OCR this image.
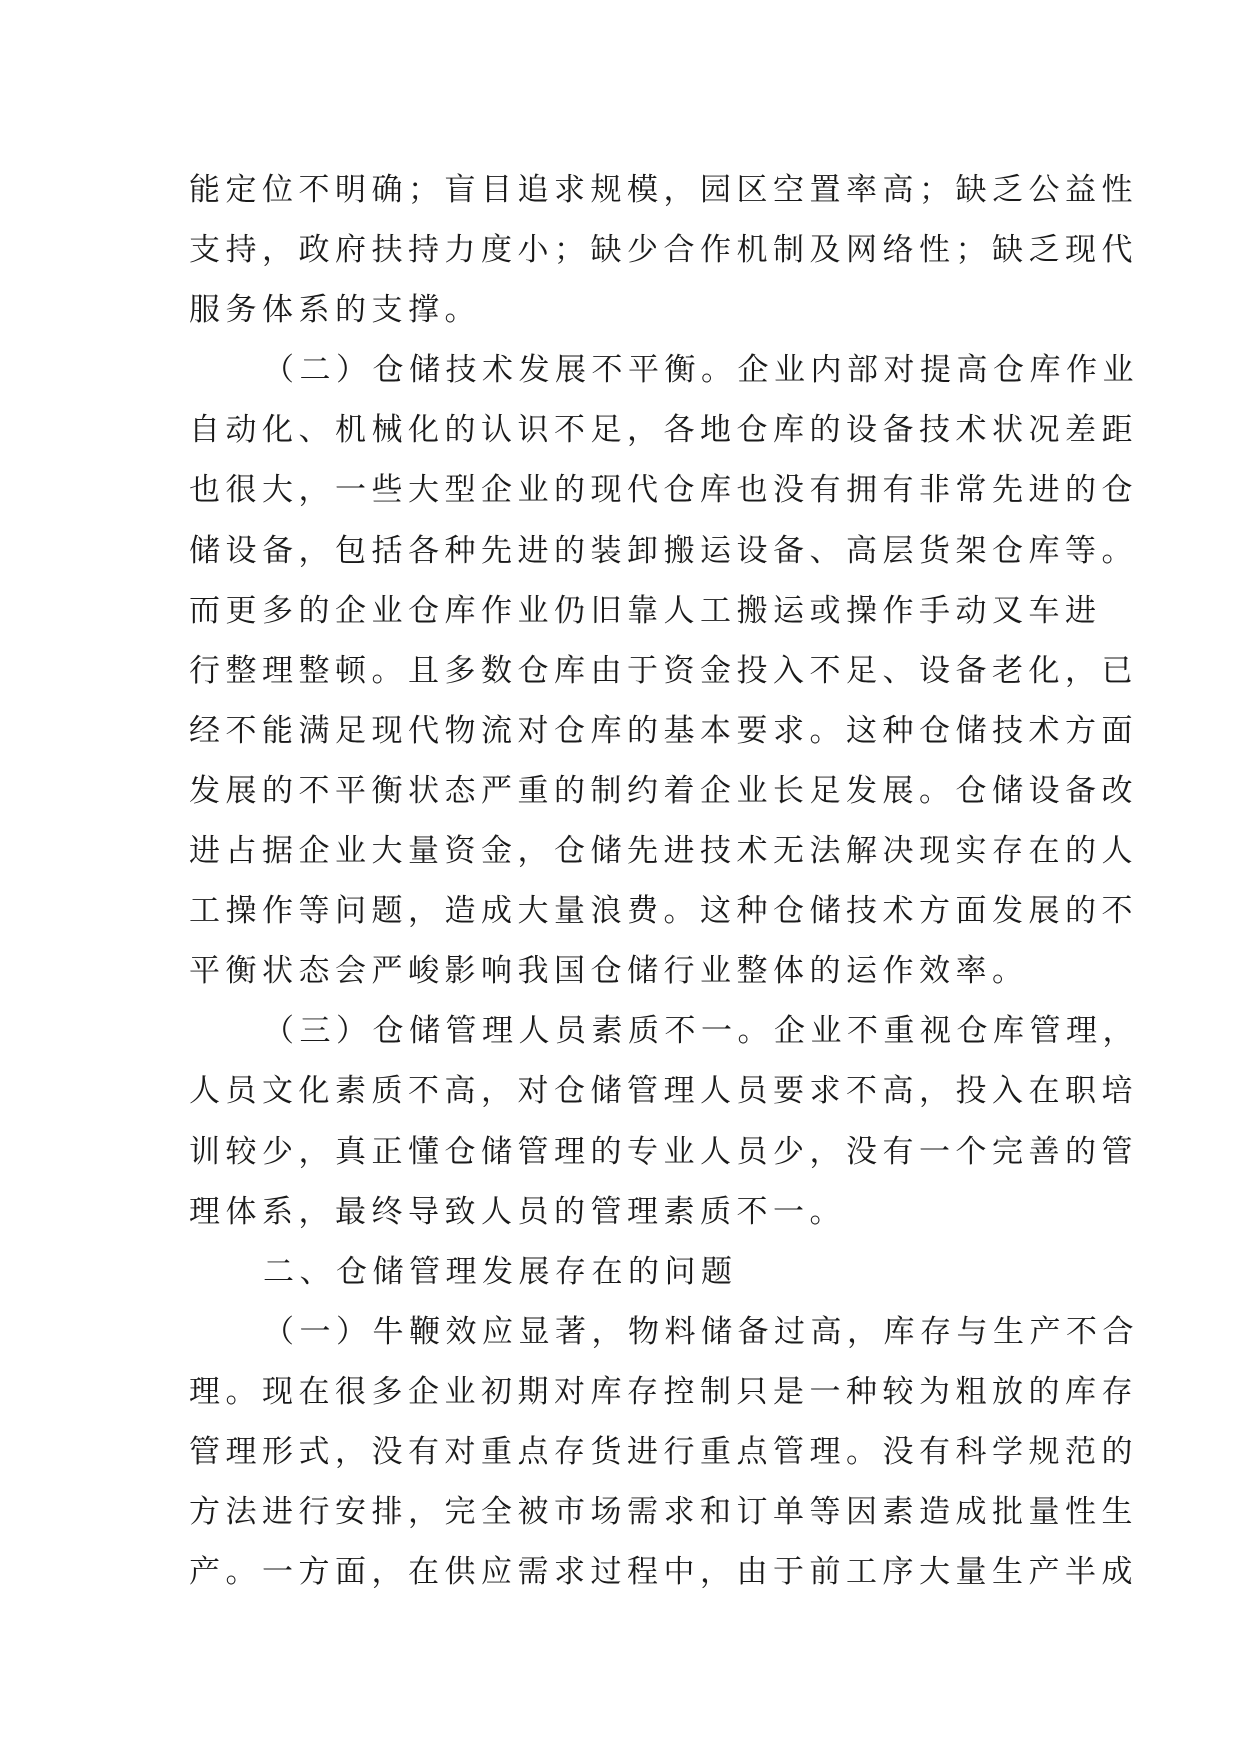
能定位不明确；盲目追求规模，园区空置率高；缺乏公益性
支持，政府扶持力度小；缺少合作机制及网络性；缺乏现代
服务体系的支撑。
（二）仓储技术发展不平衡。企业内部对提高仓库作业
自动化、机械化的认识不足，各地仓库的设备技术状况差距
也很大，一些大型企业的现代仓库也没有拥有非常先进的仓
储设备，包括各种先进的装卸搬运设备、高层货架仓库等。
而更多的企业仓库作业仍旧靠人工搬运或操作手动叉车进
行整理整顿。且多数仓库由于资金投入不足、设备老化，已
经不能满足现代物流对仓库的基本要求。这种仓储技术方面
发展的不平衡状态严重的制约着企业长足发展。仓储设备改
进占据企业大量资金，仓储先进技术无法解决现实存在的人
工操作等问题，造成大量浪费。这种仓储技术方面发展的不
平衡状态会严峻影响我国仓储行业整体的运作效率。
（三）仓储管理人员素质不一。企业不重视仓库管理，
人员文化素质不高，对仓储管理人员要求不高，投入在职培
训较少，真正懂仓储管理的专业人员少，没有一个完善的管
理体系，最终导致人员的管理素质不一。
二、仓储管理发展存在的问题
（一）牛鞭效应显著，物料储备过高，库存与生产不合
理。现在很多企业初期对库存控制只是一种较为粗放的库存
管理形式，没有对重点存货进行重点管理。没有科学规范的
方法进行安排，完全被市场需求和订单等因素造成批量性生
产。一方面，在供应需求过程中，由于前工序大量生产半成
